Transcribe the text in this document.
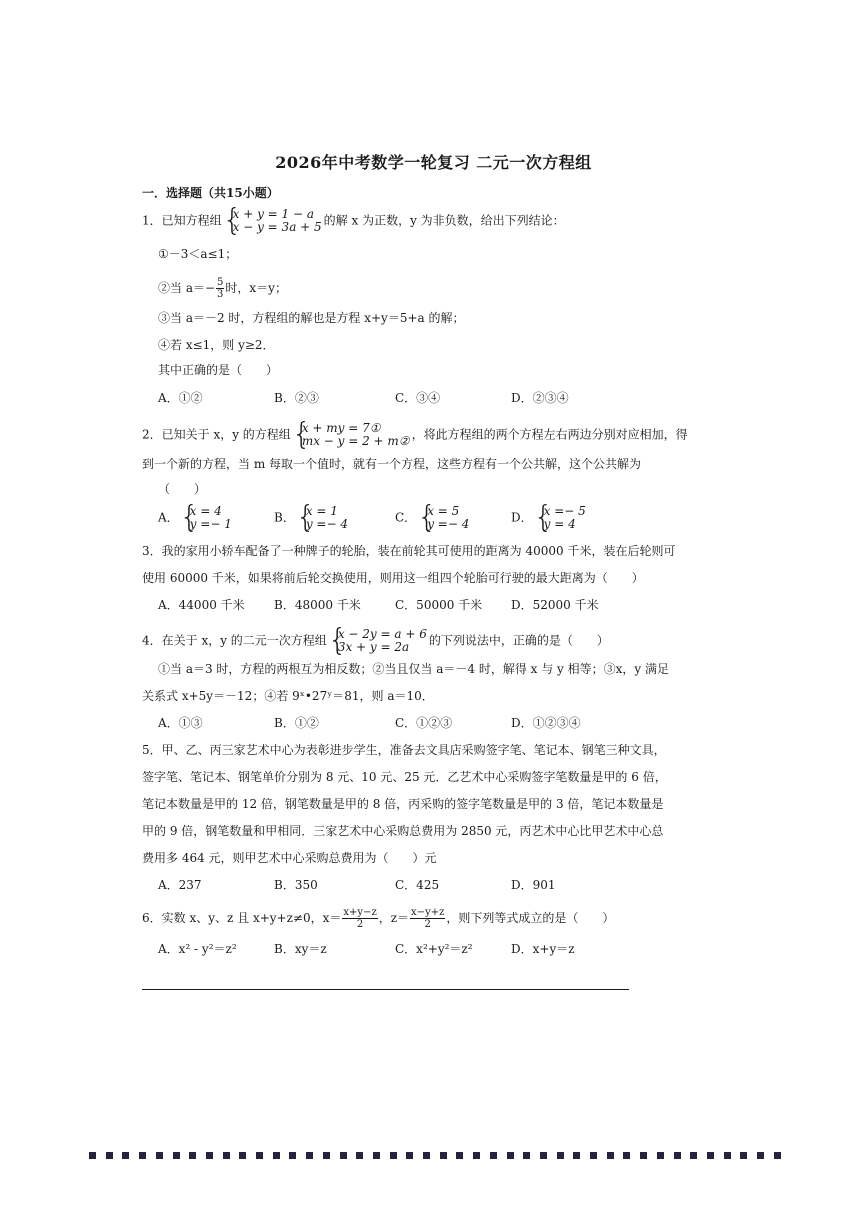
2026年中考数学一轮复习 二元一次方程组
一．选择题（共15小题）
1．已知方程组 { x + y = 1 − a
x − y = 3a + 5 的解 x 为正数，y 为非负数，给出下列结论：
①－3＜a≤1；
②当 $a=- \frac{5}{3}$ 时，x＝y；
③当 a＝－2 时，方程组的解也是方程 x+y＝5+a 的解；
④若 x≤1，则 y≥2．
其中正确的是（　　）
A．①②	B．②③	C．③④	D．②③④
2．已知关于 x，y 的方程组 { x + my = 7①
mx − y = 2 + m② ，将此方程组的两个方程左右两边分别对应相加，得
到一个新的方程，当 m 每取一个值时，就有一个方程，这些方程有一个公共解，这个公共解为
（　　）
A． { x = 4
y =− 1	B． { x = 1
y =− 4	C． { x = 5
y =− 4	D． { x =− 5
y = 4
3．我的家用小轿车配备了一种牌子的轮胎，装在前轮其可使用的距离为 40000 千米，装在后轮则可
使用 60000 千米，如果将前后轮交换使用，则用这一组四个轮胎可行驶的最大距离为（　　）
A．44000 千米 B．48000 千米	C．50000 千米 D．52000 千米
4．在关于 x，y 的二元一次方程组 { x − 2y = a + 6
3x + y = 2a	的下列说法中，正确的是（　　）
①当 a＝3 时，方程的两根互为相反数；②当且仅当 a＝－4 时，解得 x 与 y 相等；③x，y 满足
关系式 x+5y＝－12；④若 9ˣ•27ʸ＝81，则 a＝10．
A．①③	B．①②	C．①②③	D．①②③④
5．甲、乙、丙三家艺术中心为表彰进步学生，准备去文具店采购签字笔、笔记本、钢笔三种文具，
签字笔、笔记本、钢笔单价分别为 8 元、10 元、25 元．乙艺术中心采购签字笔数量是甲的 6 倍，
笔记本数量是甲的 12 倍，钢笔数量是甲的 8 倍，丙采购的签字笔数量是甲的 3 倍，笔记本数量是
甲的 9 倍，钢笔数量和甲相同．三家艺术中心采购总费用为 2850 元，丙艺术中心比甲艺术中心总
费用多 464 元，则甲艺术中心采购总费用为（　　）元
A．237	B．350	C．425	D．901
6．实数 x、y、z 且 x+y+z≠0，$x= \frac{x+y-z}{2}$ ，$z= \frac{x-y+z}{2}$ ，则下列等式成立的是（　　）
A．x² - y²＝z²	B．xy＝z	C．x²+y²＝z²	D．x+y＝z
